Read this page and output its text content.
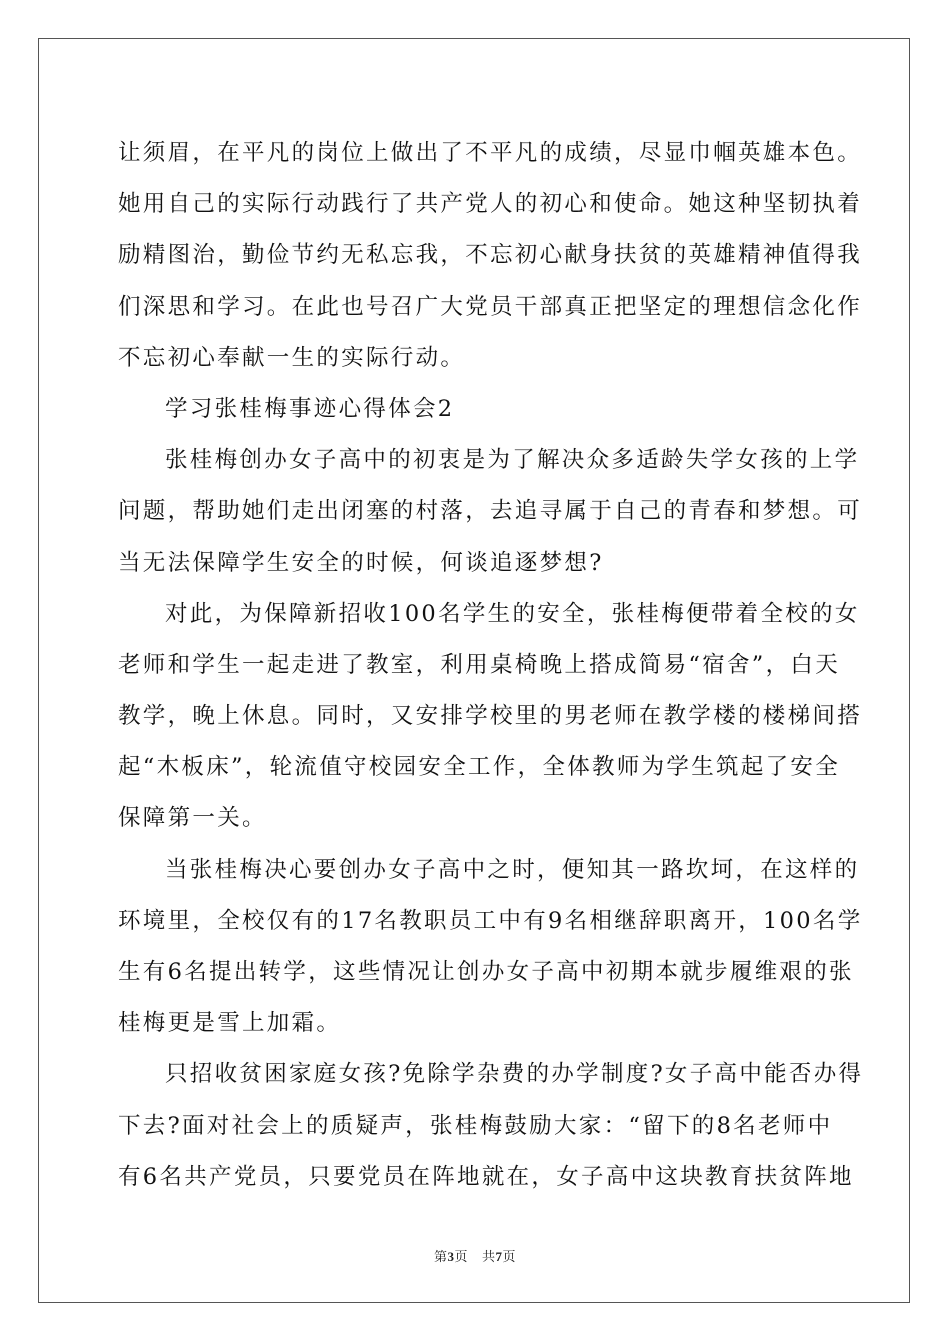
让须眉，在平凡的岗位上做出了不平凡的成绩，尽显巾帼英雄本色。
她用自己的实际行动践行了共产党人的初心和使命。她这种坚韧执着
励精图治，勤俭节约无私忘我，不忘初心献身扶贫的英雄精神值得我
们深思和学习。在此也号召广大党员干部真正把坚定的理想信念化作
不忘初心奉献一生的实际行动。
学习张桂梅事迹心得体会2
张桂梅创办女子高中的初衷是为了解决众多适龄失学女孩的上学
问题，帮助她们走出闭塞的村落，去追寻属于自己的青春和梦想。可
当无法保障学生安全的时候，何谈追逐梦想?
对此，为保障新招收100名学生的安全，张桂梅便带着全校的女
老师和学生一起走进了教室，利用桌椅晚上搭成简易“宿舍”，白天
教学，晚上休息。同时，又安排学校里的男老师在教学楼的楼梯间搭
起“木板床”，轮流值守校园安全工作，全体教师为学生筑起了安全
保障第一关。
当张桂梅决心要创办女子高中之时，便知其一路坎坷，在这样的
环境里，全校仅有的17名教职员工中有9名相继辞职离开，100名学
生有6名提出转学，这些情况让创办女子高中初期本就步履维艰的张
桂梅更是雪上加霜。
只招收贫困家庭女孩?免除学杂费的办学制度?女子高中能否办得
下去?面对社会上的质疑声，张桂梅鼓励大家：“留下的8名老师中
有6名共产党员，只要党员在阵地就在，女子高中这块教育扶贫阵地
第3页 共7页
